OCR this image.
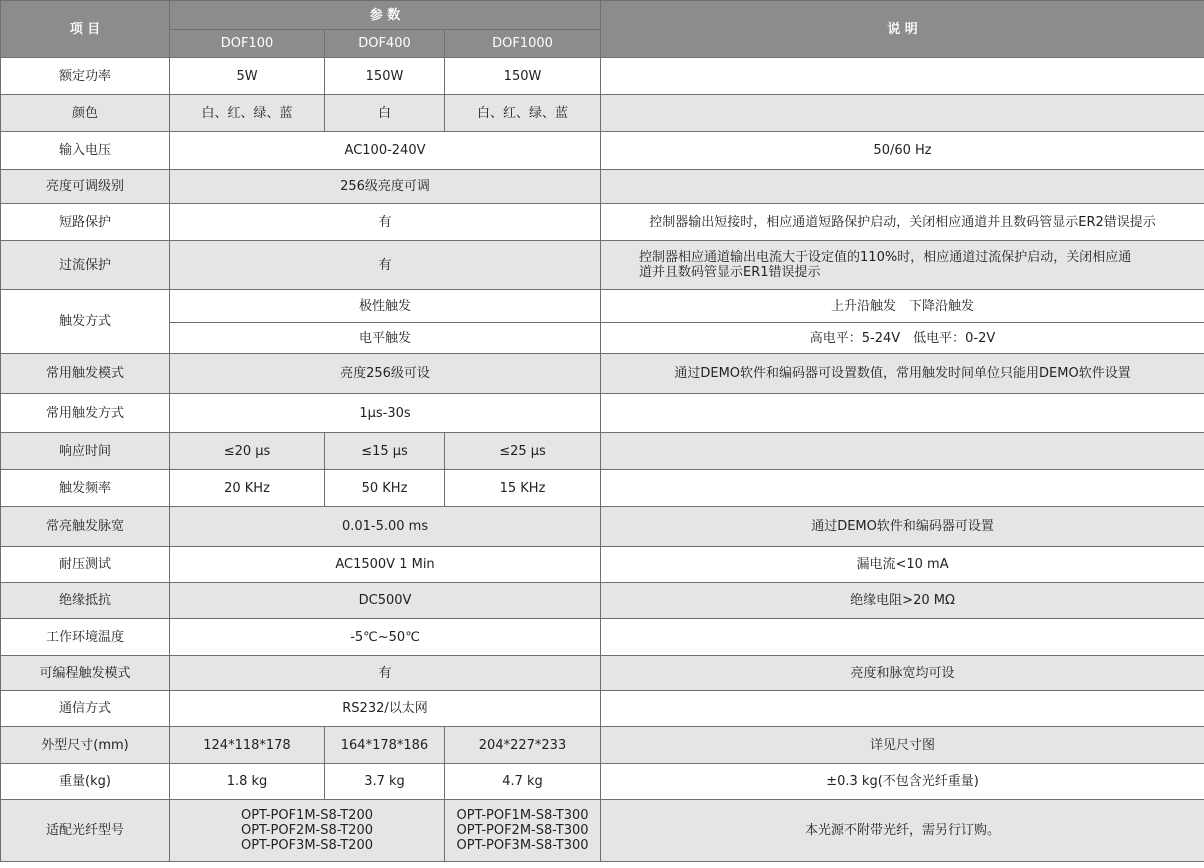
项 目	参 数			说 明
	DOF100	DOF400	DOF1000	
额定功率	5W	150W	150W	
颜色	白、红、绿、蓝	白	白、红、绿、蓝	
输入电压	AC100-240V			50/60 Hz
亮度可调级别	256级亮度可调			
短路保护	有			控制器输出短接时，相应通道短路保护启动，关闭相应通道并且数码管显示ER2错误提示
过流保护	有			控制器相应通道输出电流大于设定值的110%时，相应通道过流保护启动，关闭相应通
道并且数码管显示ER1错误提示

触发方式	极性触发			上升沿触发　下降沿触发
	电平触发			高电平：5-24V　低电平：0-2V
常用触发模式	亮度256级可设			通过DEMO软件和编码器可设置数值，常用触发时间单位只能用DEMO软件设置
常用触发方式	1μs-30s			
响应时间	≤20 μs	≤15 μs	≤25 μs	
触发频率	20 KHz	50 KHz	15 KHz	
常亮触发脉宽	0.01-5.00 ms			通过DEMO软件和编码器可设置
耐压测试	AC1500V 1 Min			漏电流<10 mA
绝缘抵抗	DC500V			绝缘电阻>20 MΩ
工作环境温度	-5℃~50℃			
可编程触发模式	有			亮度和脉宽均可设
通信方式	RS232/以太网			
外型尺寸(mm)	124*118*178	164*178*186	204*227*233	详见尺寸图
重量(kg)	1.8 kg	3.7 kg	4.7 kg	±0.3 kg(不包含光纤重量)
适配光纤型号	OPT-POF1M-S8-T200
OPT-POF2M-S8-T200
OPT-POF3M-S8-T200		OPT-POF1M-S8-T300
OPT-POF2M-S8-T300
OPT-POF3M-S8-T300	本光源不附带光纤，需另行订购。
